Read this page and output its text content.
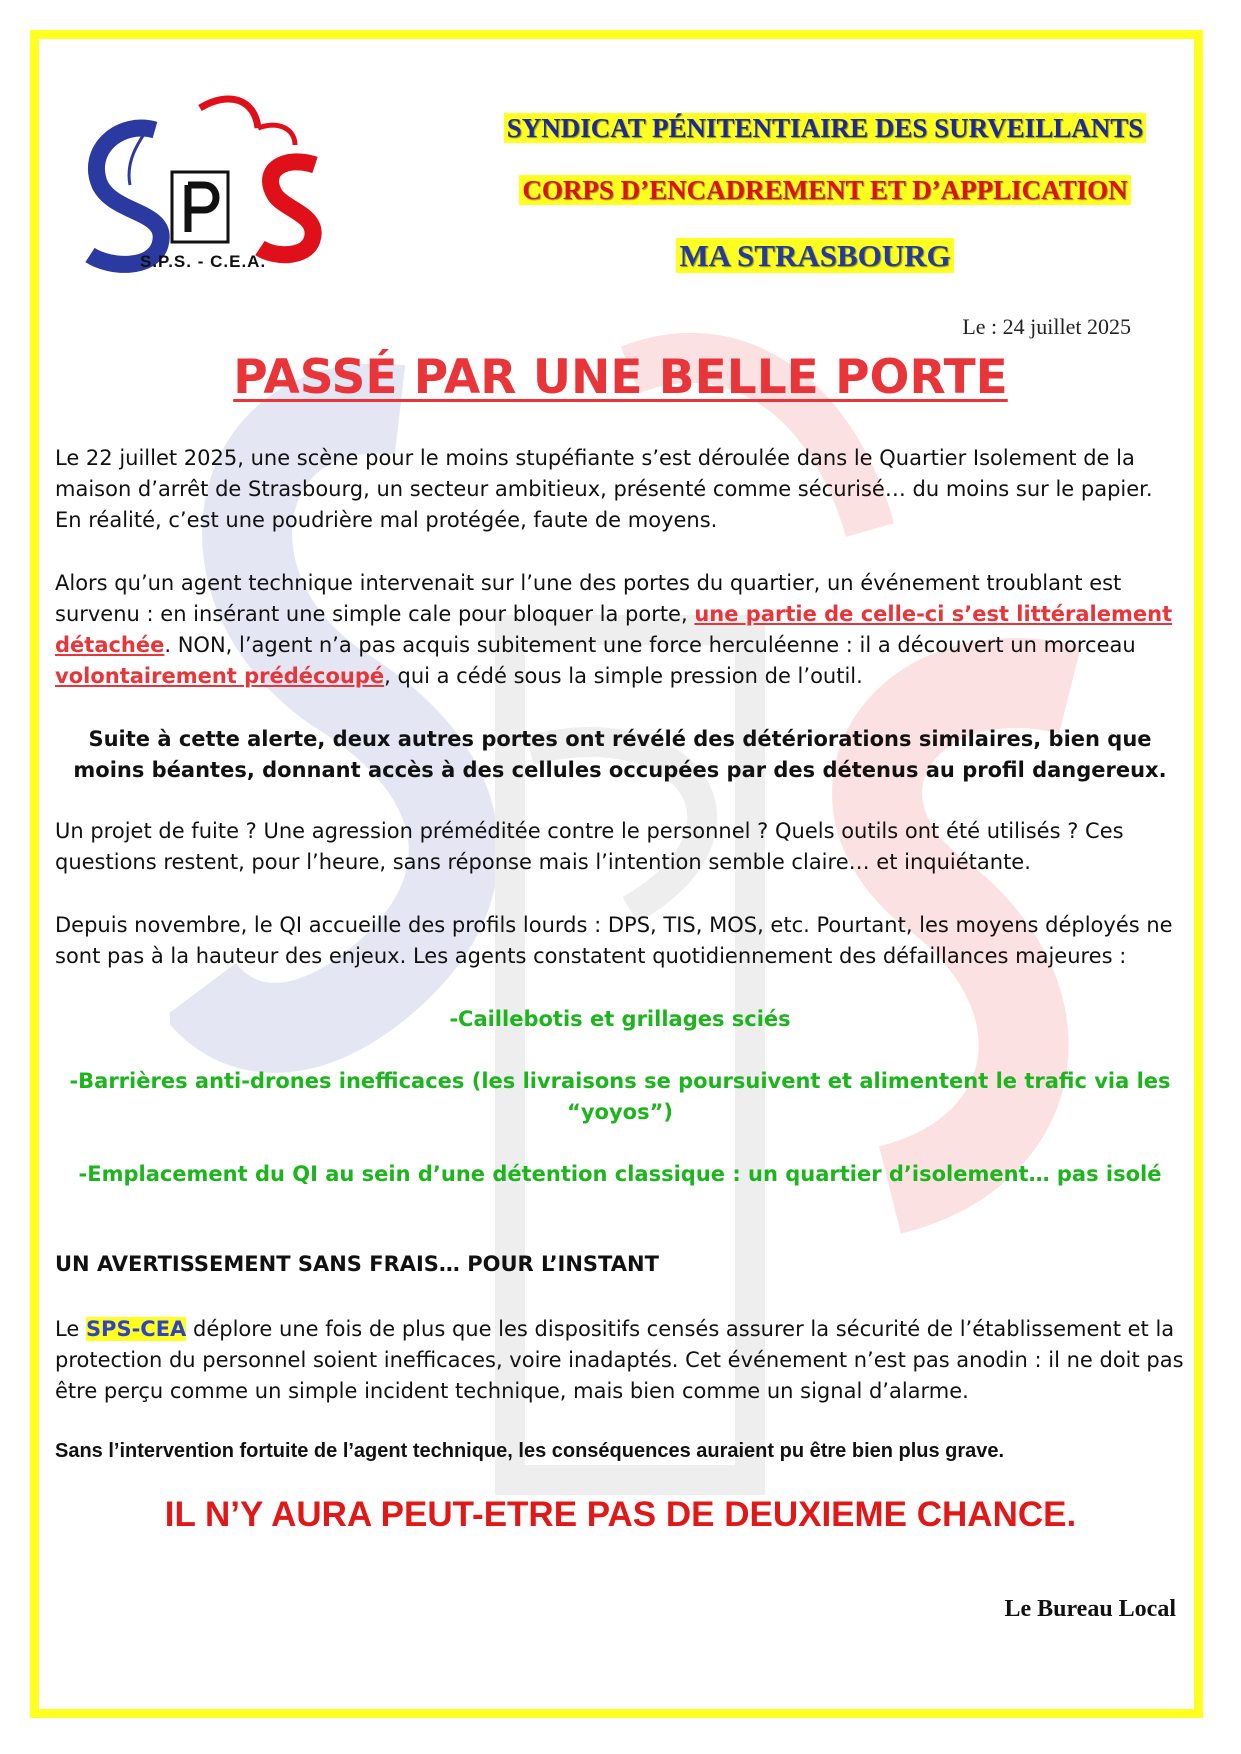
S.P.S. - C.E.A.
SYNDICAT PÉNITENTIAIRE DES SURVEILLANTS
CORPS D’ENCADREMENT ET D’APPLICATION
MA STRASBOURG
Le : 24 juillet 2025
PASSÉ PAR UNE BELLE PORTE
Le 22 juillet 2025, une scène pour le moins stupéfiante s’est déroulée dans le Quartier Isolement de la maison d’arrêt de Strasbourg, un secteur ambitieux, présenté comme sécurisé… du moins sur le papier. En réalité, c’est une poudrière mal protégée, faute de moyens.
Alors qu’un agent technique intervenait sur l’une des portes du quartier, un événement troublant est survenu : en insérant une simple cale pour bloquer la porte, une partie de celle-ci s’est littéralement détachée. NON, l’agent n’a pas acquis subitement une force herculéenne : il a découvert un morceau volontairement prédécoupé, qui a cédé sous la simple pression de l’outil.
Suite à cette alerte, deux autres portes ont révélé des détériorations similaires, bien que moins béantes, donnant accès à des cellules occupées par des détenus au profil dangereux.
Un projet de fuite ? Une agression préméditée contre le personnel ? Quels outils ont été utilisés ? Ces questions restent, pour l’heure, sans réponse mais l’intention semble claire… et inquiétante.
Depuis novembre, le QI accueille des profils lourds : DPS, TIS, MOS, etc. Pourtant, les moyens déployés ne sont pas à la hauteur des enjeux. Les agents constatent quotidiennement des défaillances majeures :
-Caillebotis et grillages sciés
-Barrières anti-drones inefficaces (les livraisons se poursuivent et alimentent le trafic via les “yoyos”)
-Emplacement du QI au sein d’une détention classique : un quartier d’isolement… pas isolé
UN AVERTISSEMENT SANS FRAIS… POUR L’INSTANT
Le SPS-CEA déplore une fois de plus que les dispositifs censés assurer la sécurité de l’établissement et la protection du personnel soient inefficaces, voire inadaptés. Cet événement n’est pas anodin : il ne doit pas être perçu comme un simple incident technique, mais bien comme un signal d’alarme.
Sans l’intervention fortuite de l’agent technique, les conséquences auraient pu être bien plus grave.
IL N’Y AURA PEUT-ETRE PAS DE DEUXIEME CHANCE.
Le Bureau Local
